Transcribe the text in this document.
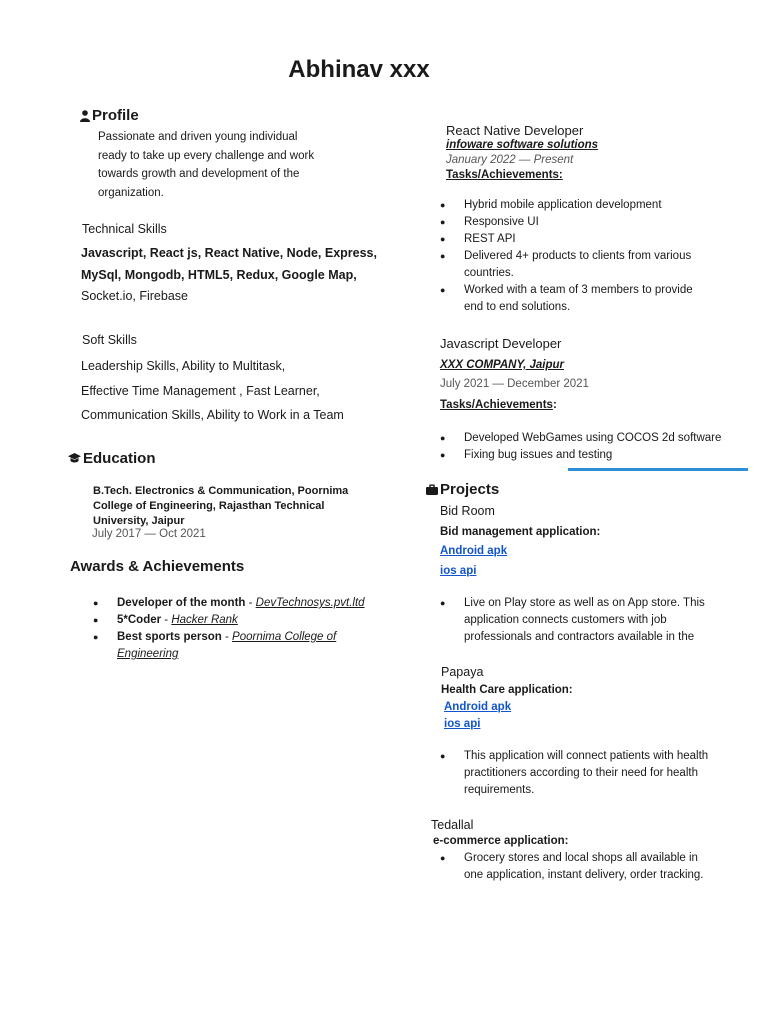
Abhinav xxx
Profile
Passionate and driven young individual
ready to take up every challenge and work
towards growth and development of the
organization.
Technical Skills
Javascript, React js, React Native, Node, Express,
MySql, Mongodb, HTML5, Redux, Google Map,
Socket.io, Firebase
Soft Skills
Leadership Skills, Ability to Multitask,
Effective Time Management , Fast Learner,
Communication Skills, Ability to Work in a Team
Education
B.Tech. Electronics & Communication, Poornima
College of Engineering, Rajasthan Technical
University, Jaipur
July 2017 — Oct 2021
Awards & Achievements
● Developer of the month - DevTechnosys.pvt.ltd
● 5*Coder - Hacker Rank
● Best sports person - Poornima College of
Engineering
React Native Developer
infoware software solutions
January 2022 — Present
Tasks/Achievements:
● Hybrid mobile application development
● Responsive UI
● REST API
● Delivered 4+ products to clients from various countries.
● Worked with a team of 3 members to provide end to end solutions.
Javascript Developer
XXX COMPANY, Jaipur
July 2021 — December 2021
Tasks/Achievements:
● Developed WebGames using COCOS 2d software
● Fixing bug issues and testing
Projects
Bid Room
Bid management application:
Android apk
ios api
● Live on Play store as well as on App store. This application connects customers with job professionals and contractors available in the
Papaya
Health Care application:
Android apk
ios api
● This application will connect patients with health practitioners according to their need for health requirements.
Tedallal
e-commerce application:
● Grocery stores and local shops all available in one application, instant delivery, order tracking.
